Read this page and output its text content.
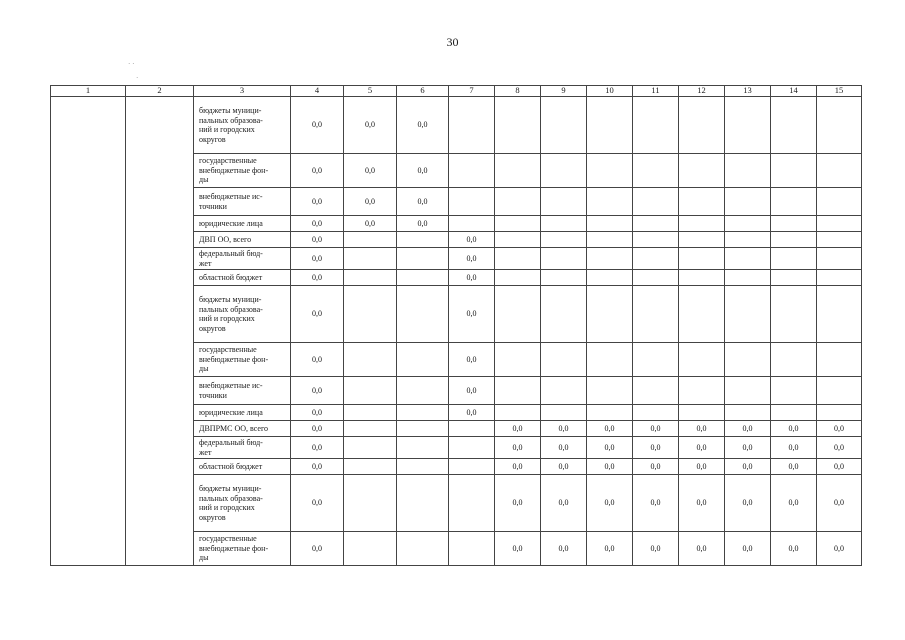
30
· ·
·
1	2	3	4	5	6	7	8	9	10	11	12	13	14	15
		бюджеты муници-
пальных образова-
ний и городских
округов	0,0	0,0	0,0									
		государственные
внебюджетные фон-
ды	0,0	0,0	0,0									
		внебюджетные ис-
точники	0,0	0,0	0,0									
		юридические лица	0,0	0,0	0,0									
		ДВП ОО, всего	0,0			0,0								
		федеральный бюд-
жет	0,0			0,0								
		областной бюджет	0,0			0,0								
		бюджеты муници-
пальных образова-
ний и городских
округов	0,0			0,0								
		государственные
внебюджетные фон-
ды	0,0			0,0								
		внебюджетные ис-
точники	0,0			0,0								
		юридические лица	0,0			0,0								
		ДВПРМС ОО, всего	0,0				0,0	0,0	0,0	0,0	0,0	0,0	0,0	0,0
		федеральный бюд-
жет	0,0				0,0	0,0	0,0	0,0	0,0	0,0	0,0	0,0
		областной бюджет	0,0				0,0	0,0	0,0	0,0	0,0	0,0	0,0	0,0
		бюджеты муници-
пальных образова-
ний и городских
округов	0,0				0,0	0,0	0,0	0,0	0,0	0,0	0,0	0,0
		государственные
внебюджетные фон-
ды	0,0				0,0	0,0	0,0	0,0	0,0	0,0	0,0	0,0
